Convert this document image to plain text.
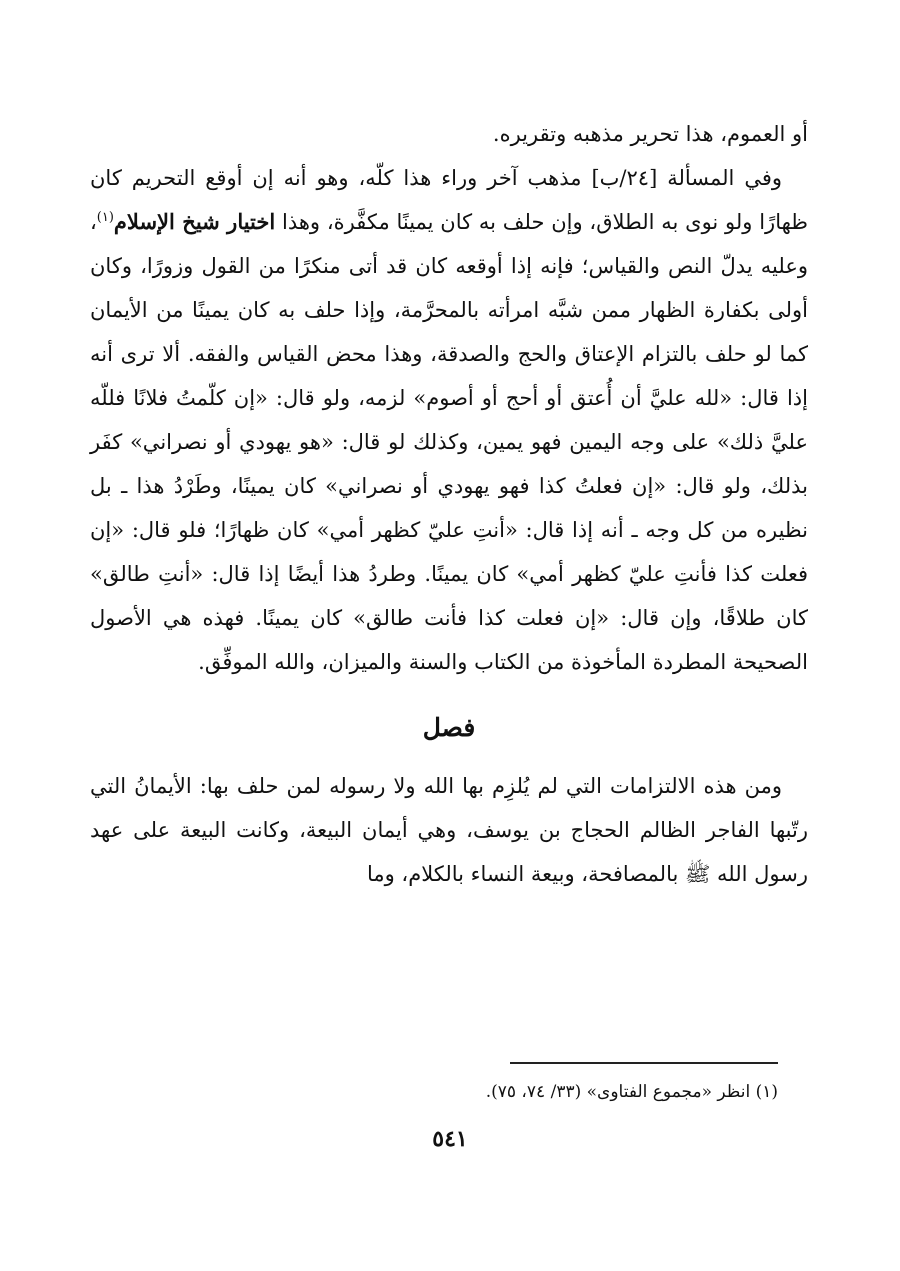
أو العموم، هذا تحرير مذهبه وتقريره.

وفي المسألة [٢٤/ب] مذهب آخر وراء هذا كلّه، وهو أنه إن أوقع التحريم كان ظهارًا ولو نوى به الطلاق، وإن حلف به كان يمينًا مكفَّرة، وهذا اختيار شيخ الإسلام$^{(١)}$، وعليه يدلّ النص والقياس؛ فإنه إذا أوقعه كان قد أتى منكرًا من القول وزورًا، وكان أولى بكفارة الظهار ممن شبَّه امرأته بالمحرَّمة، وإذا حلف به كان يمينًا من الأيمان كما لو حلف بالتزام الإعتاق والحج والصدقة، وهذا محض القياس والفقه. ألا ترى أنه إذا قال: «لله عليَّ أن أُعتق أو أحج أو أصوم» لزمه، ولو قال: «إن كلّمتُ فلانًا فللّه عليَّ ذلك» على وجه اليمين فهو يمين، وكذلك لو قال: «هو يهودي أو نصراني» كفَر بذلك، ولو قال: «إن فعلتُ كذا فهو يهودي أو نصراني» كان يمينًا، وطَرْدُ هذا ـ بل نظيره من كل وجه ـ أنه إذا قال: «أنتِ عليّ كظهر أمي» كان ظهارًا؛ فلو قال: «إن فعلت كذا فأنتِ عليّ كظهر أمي» كان يمينًا. وطردُ هذا أيضًا إذا قال: «أنتِ طالق» كان طلاقًا، وإن قال: «إن فعلت كذا فأنت طالق» كان يمينًا. فهذه هي الأصول الصحيحة المطردة المأخوذة من الكتاب والسنة والميزان، والله الموفِّق.

فصل

ومن هذه الالتزامات التي لم يُلزِم بها الله ولا رسوله لمن حلف بها: الأيمانُ التي رتّبها الفاجر الظالم الحجاج بن يوسف، وهي أيمان البيعة، وكانت البيعة على عهد رسول الله ﷺ بالمصافحة، وبيعة النساء بالكلام، وما

(١) انظر «مجموع الفتاوى» (٣٣/ ٧٤، ٧٥).
٥٤١
